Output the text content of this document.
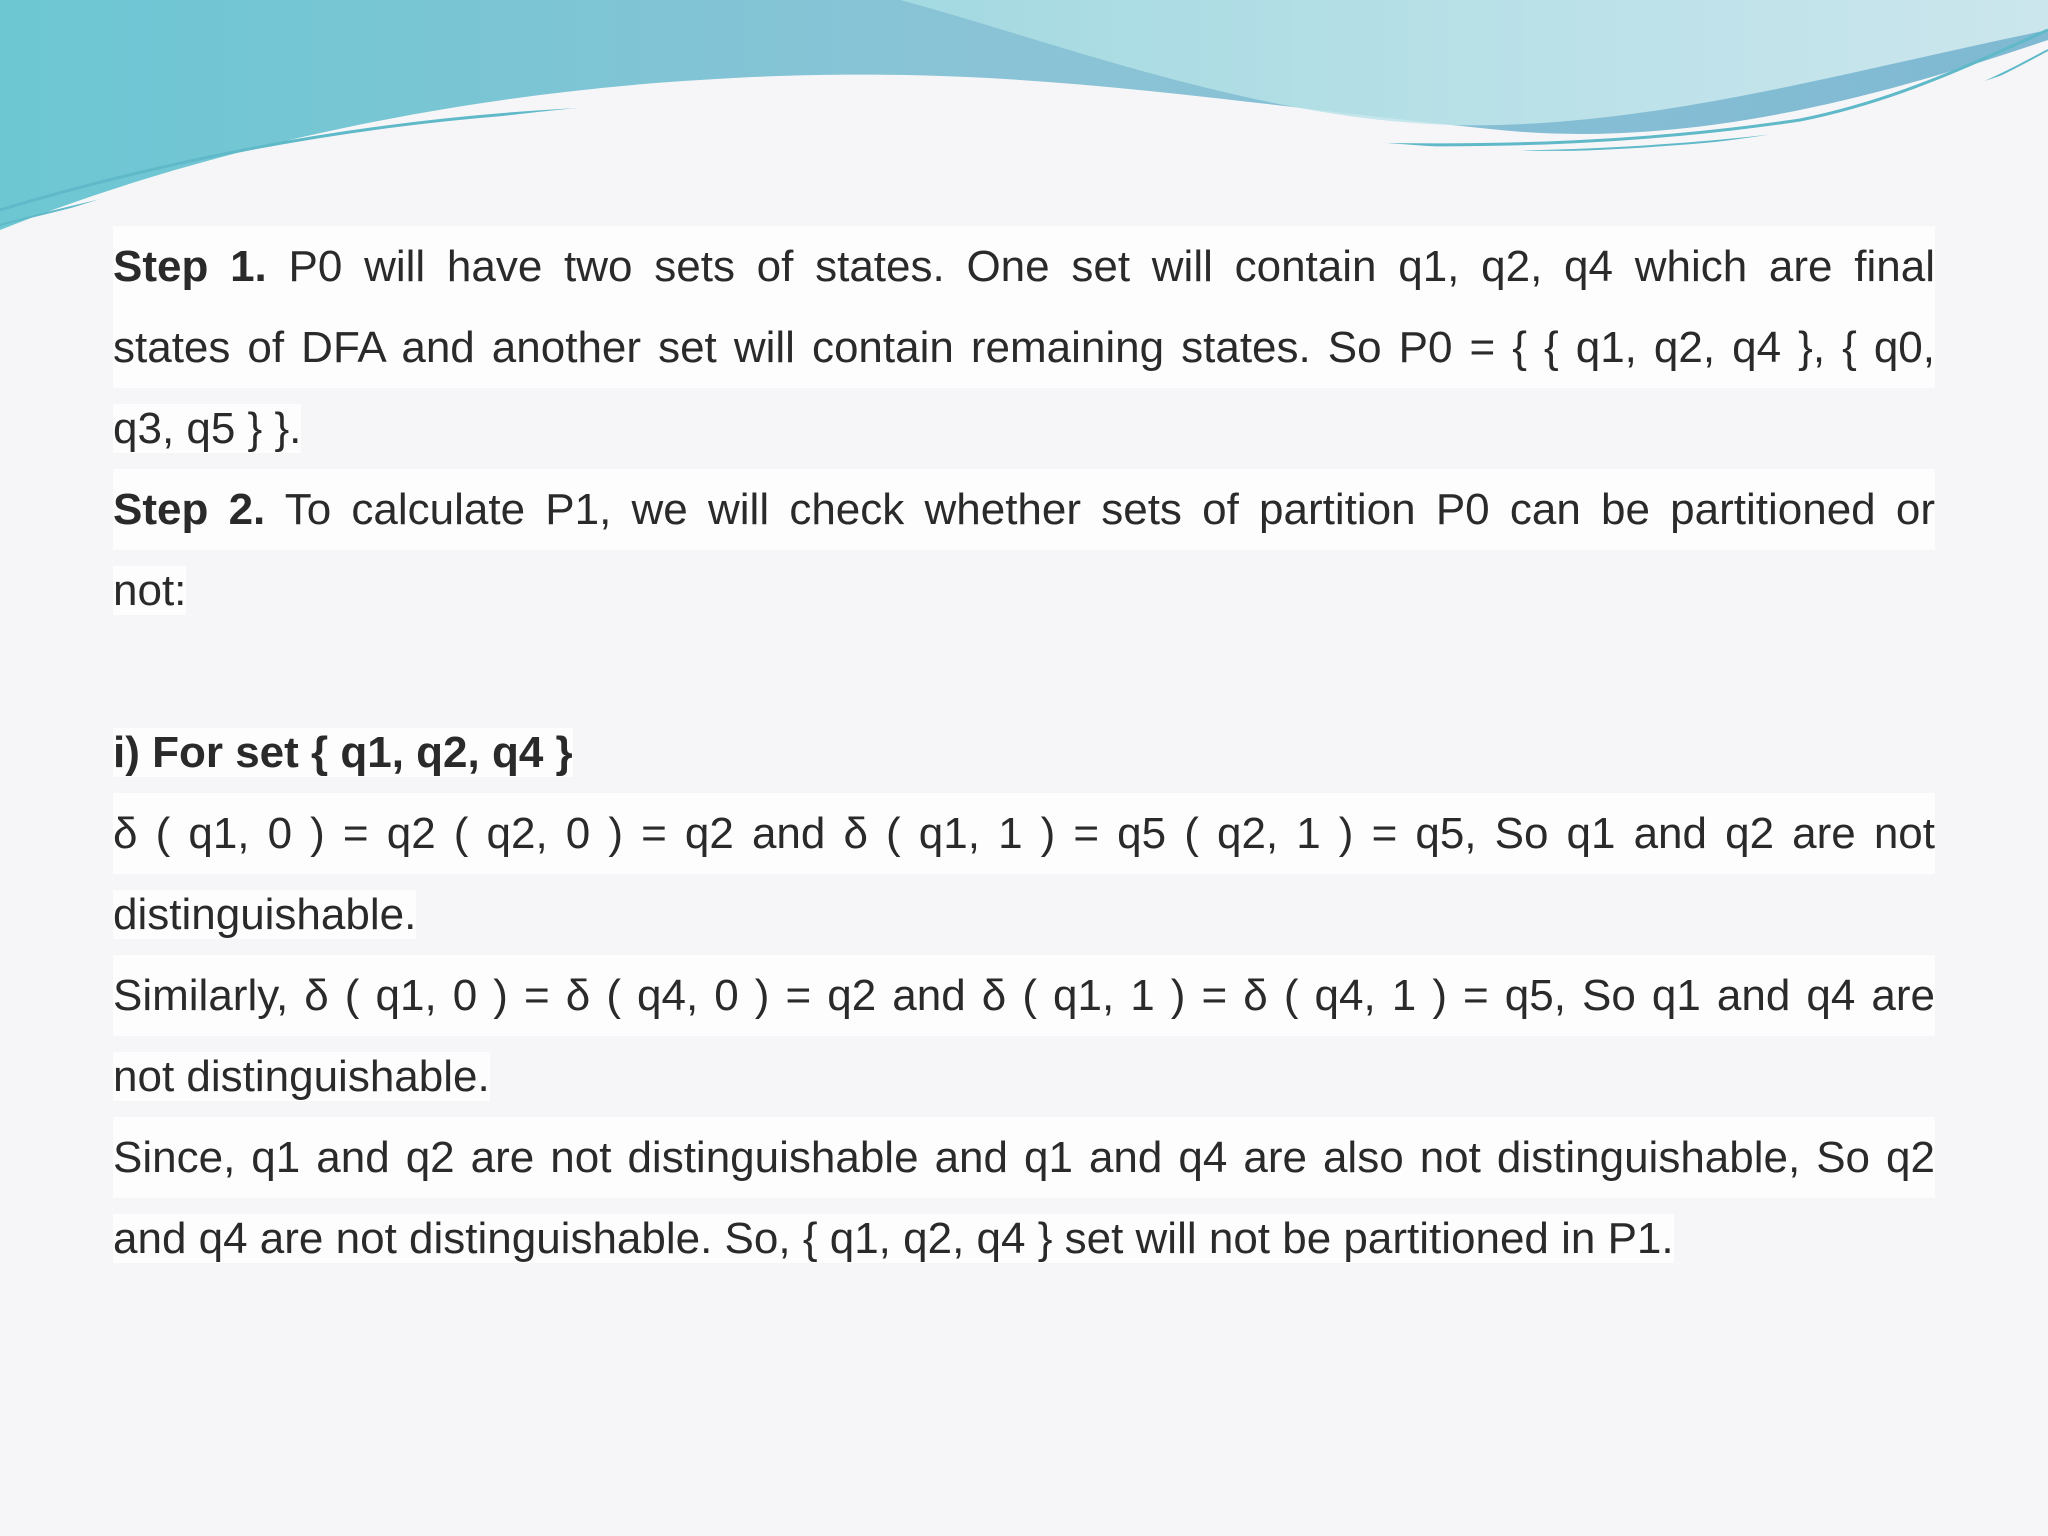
Step 1. P0 will have two sets of states. One set will contain q1, q2, q4 which are final
states of DFA and another set will contain remaining states. So P0 = { { q1, q2, q4 }, { q0,
q3, q5 } }.
Step 2. To calculate P1, we will check whether sets of partition P0 can be partitioned or
not:
i) For set { q1, q2, q4 }
δ ( q1, 0 ) = q2 ( q2, 0 ) = q2 and δ ( q1, 1 ) = q5 ( q2, 1 ) = q5, So q1 and q2 are not
distinguishable.
Similarly, δ ( q1, 0 ) = δ ( q4, 0 ) = q2 and δ ( q1, 1 ) = δ ( q4, 1 ) = q5, So q1 and q4 are
not distinguishable.
Since, q1 and q2 are not distinguishable and q1 and q4 are also not distinguishable, So q2
and q4 are not distinguishable. So, { q1, q2, q4 } set will not be partitioned in P1.
